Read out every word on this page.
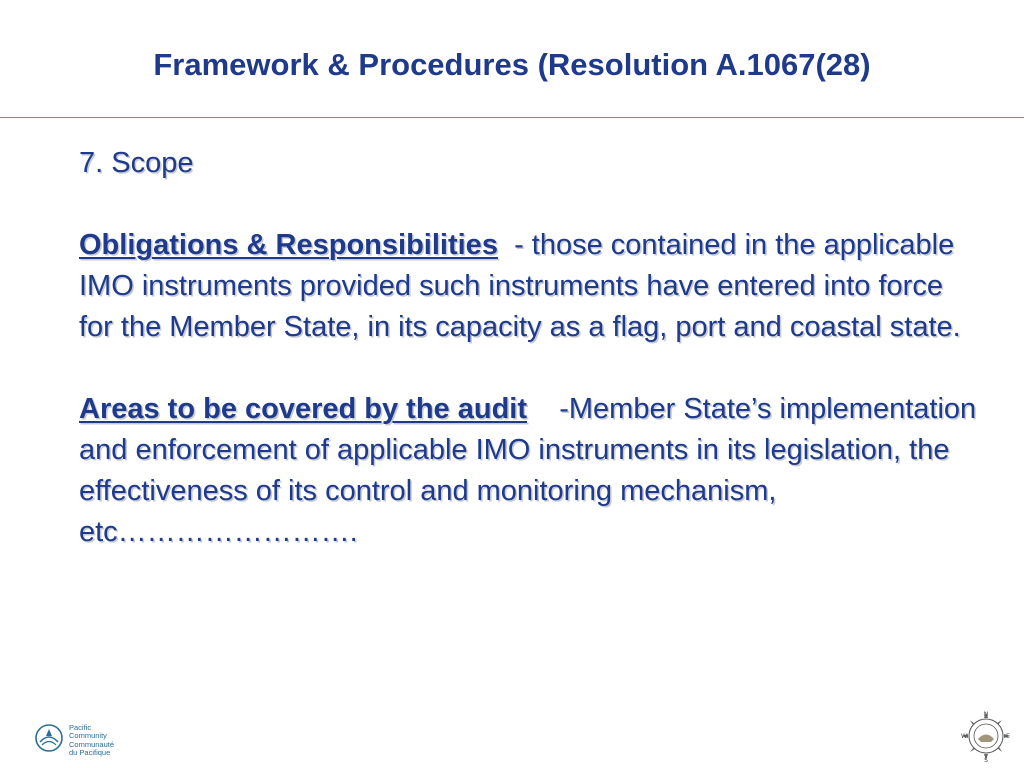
Framework & Procedures (Resolution A.1067(28)

7. Scope

Obligations & Responsibilities  - those contained in the applicable IMO instruments provided such instruments have entered into force for the Member State, in its capacity as a flag, port and coastal state.

Areas to be covered by the audit    -Member State’s implementation and enforcement of applicable IMO instruments in its legislation, the effectiveness of its control and monitoring mechanism, etc…………………….

Pacific
Community
Communauté
du Pacifique
N
E
S
W
